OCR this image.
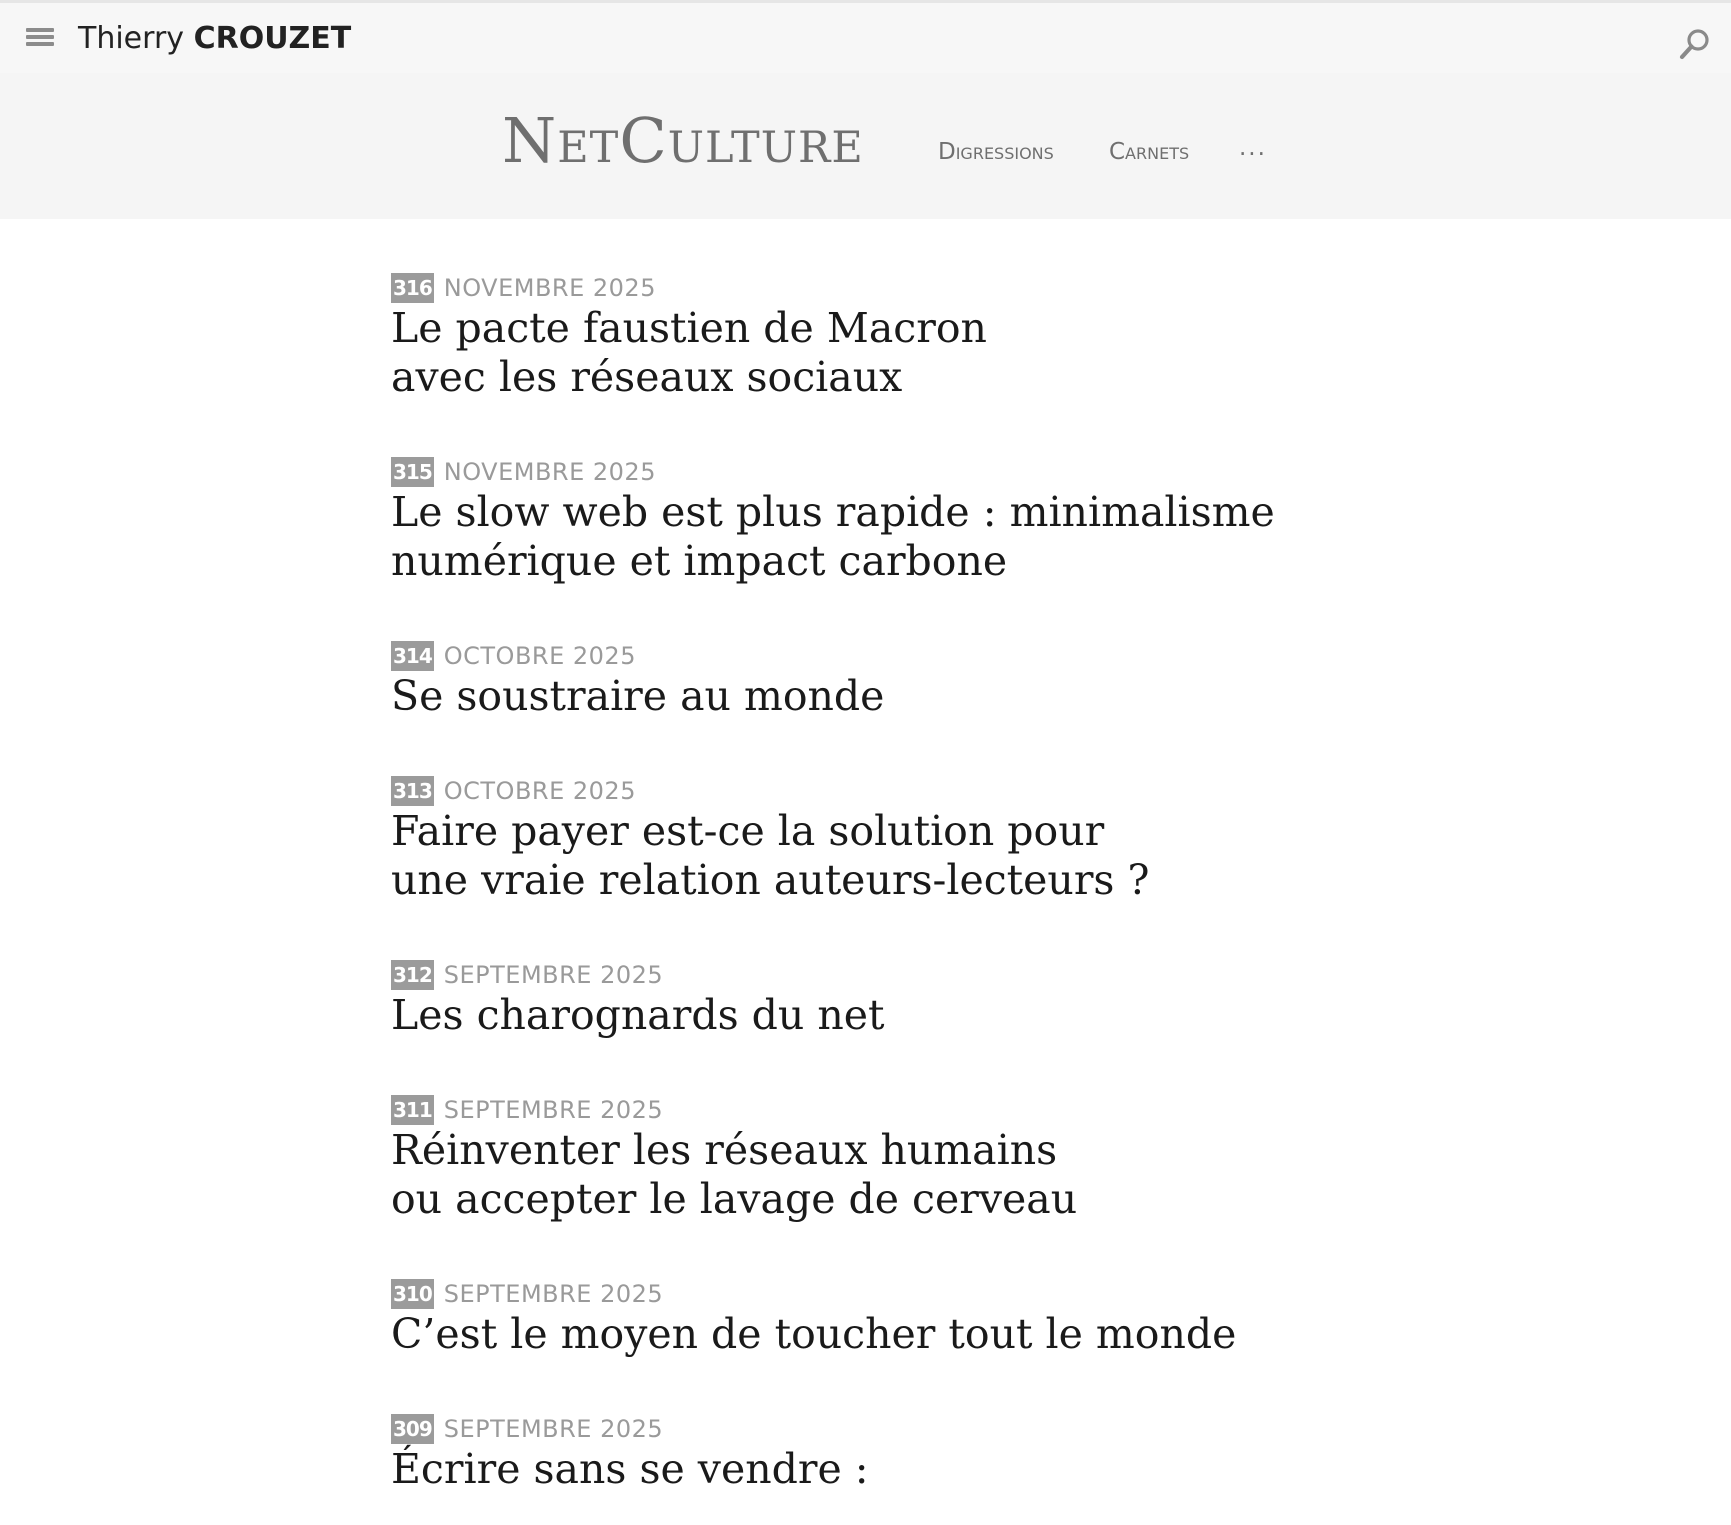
Thierry CROUZET
NetCulture	Digressions Carnets ...
316 NOVEMBRE 2025
Le pacte faustien de Macron
avec les réseaux sociaux
315 NOVEMBRE 2025
Le slow web est plus rapide : minimalisme
numérique et impact carbone
314 OCTOBRE 2025
Se soustraire au monde
313 OCTOBRE 2025
Faire payer est-ce la solution pour
une vraie relation auteurs-lecteurs ?
312 SEPTEMBRE 2025
Les charognards du net
311 SEPTEMBRE 2025
Réinventer les réseaux humains
ou accepter le lavage de cerveau
310 SEPTEMBRE 2025
C’est le moyen de toucher tout le monde
309 SEPTEMBRE 2025
Écrire sans se vendre :
